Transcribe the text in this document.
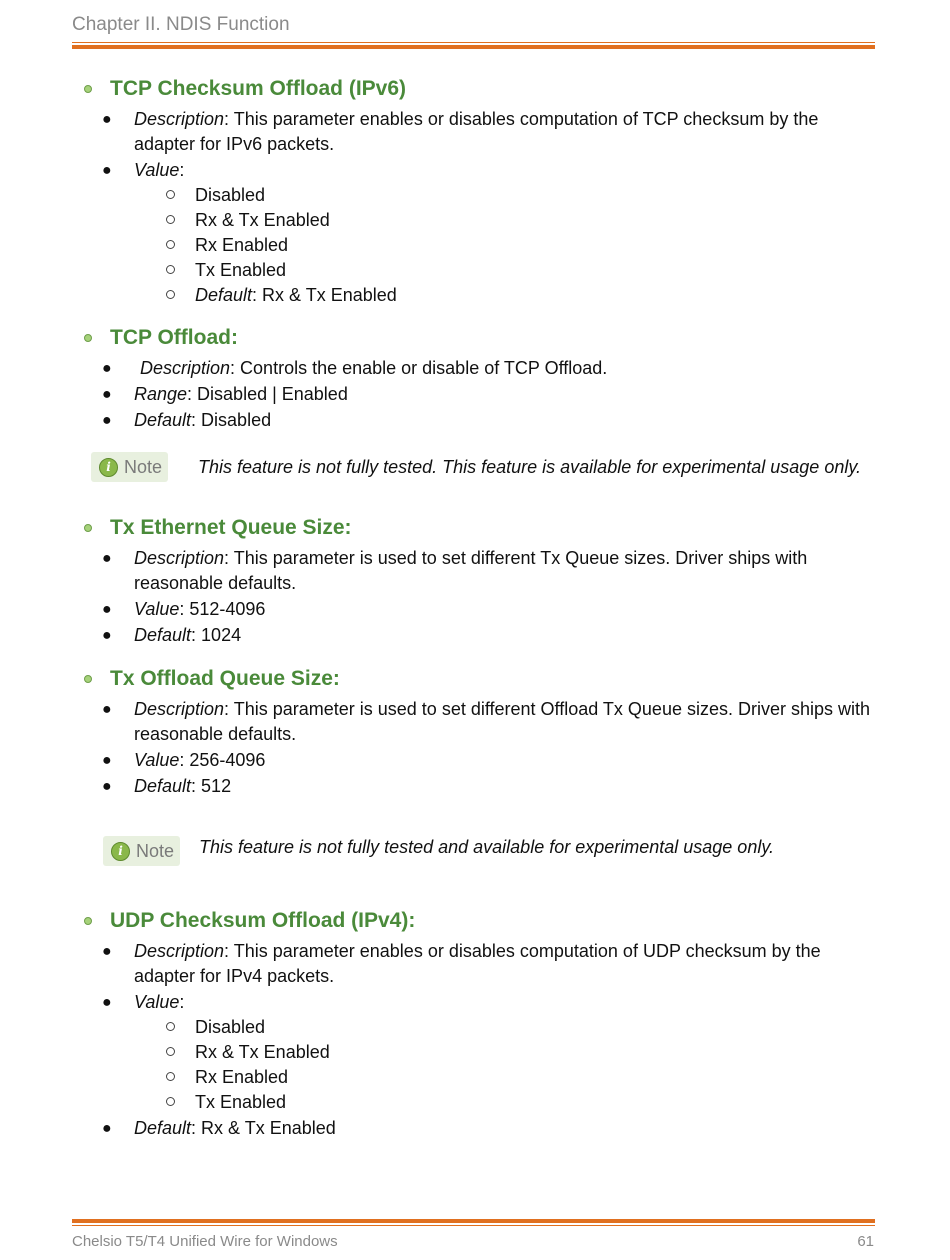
Chapter II. NDIS Function
TCP Checksum Offload (IPv6)
● Description: This parameter enables or disables computation of TCP checksum by the adapter for IPv6 packets.
● Value:
Disabled
Rx & Tx Enabled
Rx Enabled
Tx Enabled
Default: Rx & Tx Enabled
TCP Offload:
● Description: Controls the enable or disable of TCP Offload.
● Range: Disabled | Enabled
● Default: Disabled
i Note This feature is not fully tested. This feature is available for experimental usage only.
Tx Ethernet Queue Size:
● Description: This parameter is used to set different Tx Queue sizes. Driver ships with reasonable defaults.
● Value: 512-4096
● Default: 1024
Tx Offload Queue Size:
● Description: This parameter is used to set different Offload Tx Queue sizes. Driver ships with reasonable defaults.
● Value: 256-4096
● Default: 512
i Note This feature is not fully tested and available for experimental usage only.
UDP Checksum Offload (IPv4):
● Description: This parameter enables or disables computation of UDP checksum by the adapter for IPv4 packets.
● Value:
Disabled
Rx & Tx Enabled
Rx Enabled
Tx Enabled
● Default: Rx & Tx Enabled
Chelsio T5/T4 Unified Wire for Windows	61
